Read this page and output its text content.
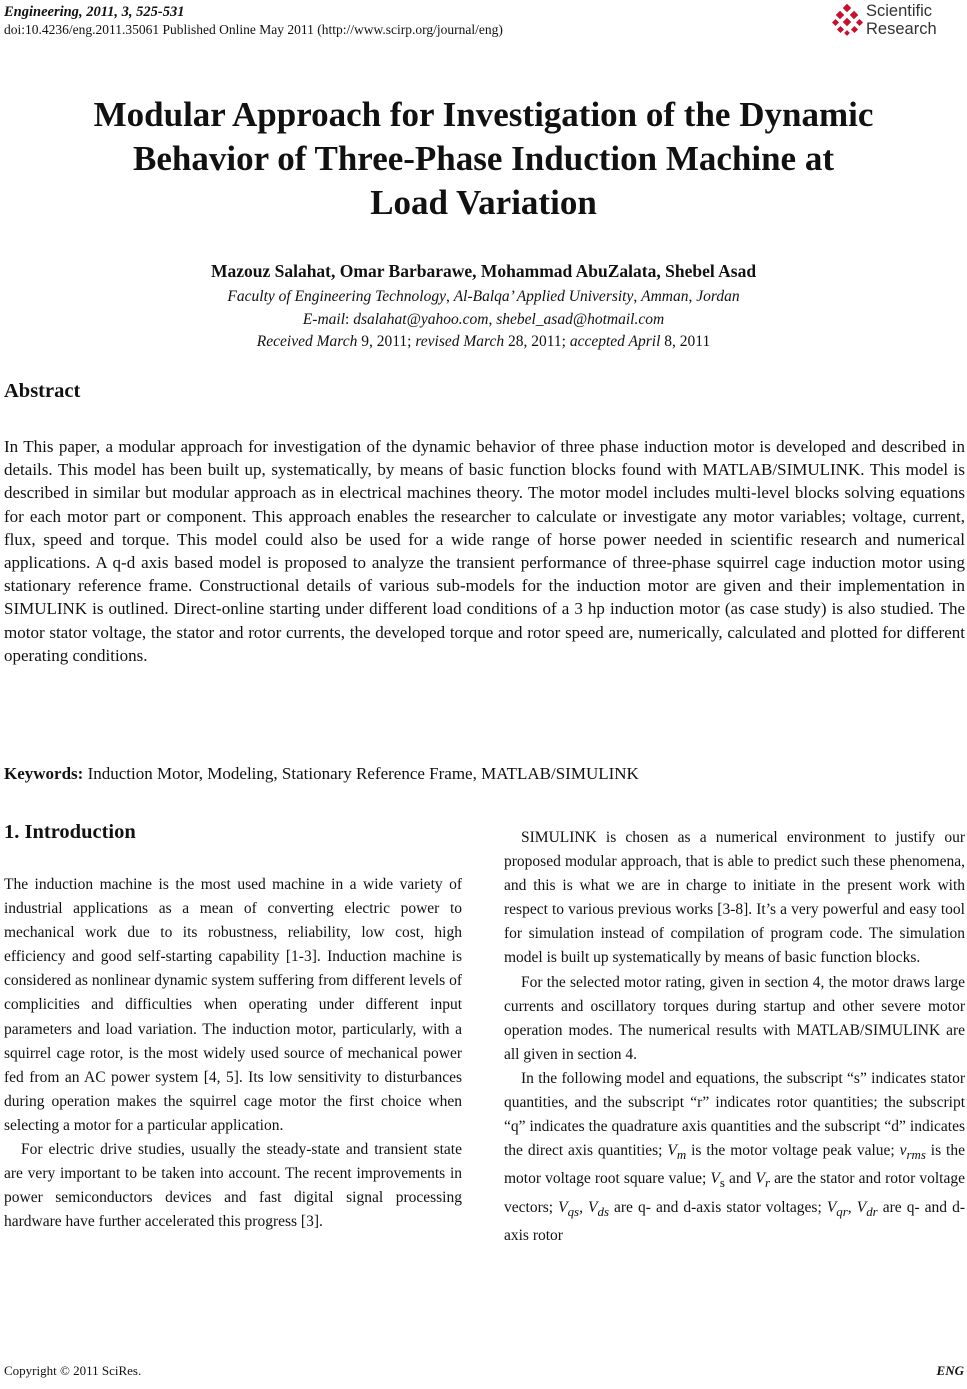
Engineering, 2011, 3, 525-531
doi:10.4236/eng.2011.35061 Published Online May 2011 (http://www.scirp.org/journal/eng)
Scientific
Research
Modular Approach for Investigation of the Dynamic
Behavior of Three-Phase Induction Machine at
Load Variation
Mazouz Salahat, Omar Barbarawe, Mohammad AbuZalata, Shebel Asad
Faculty of Engineering Technology, Al-Balqa’ Applied University, Amman, Jordan
E-mail: dsalahat@yahoo.com, shebel_asad@hotmail.com
Received March 9, 2011; revised March 28, 2011; accepted April 8, 2011
Abstract
In This paper, a modular approach for investigation of the dynamic behavior of three phase induction motor is developed and described in details. This model has been built up, systematically, by means of basic function blocks found with MATLAB/SIMULINK. This model is described in similar but modular approach as in electrical machines theory. The motor model includes multi-level blocks solving equations for each motor part or component. This approach enables the researcher to calculate or investigate any motor variables; voltage, current, flux, speed and torque. This model could also be used for a wide range of horse power needed in scientific research and numerical applications. A q-d axis based model is proposed to analyze the transient performance of three-phase squirrel cage induction motor using stationary reference frame. Constructional details of various sub-models for the induction motor are given and their implementation in SIMULINK is outlined. Direct-online starting under different load conditions of a 3 hp induction motor (as case study) is also studied. The motor stator voltage, the stator and rotor currents, the developed torque and rotor speed are, numerically, calculated and plotted for different operating conditions.
Keywords: Induction Motor, Modeling, Stationary Reference Frame, MATLAB/SIMULINK
1. Introduction

The induction machine is the most used machine in a wide variety of industrial applications as a mean of converting electric power to mechanical work due to its robustness, reliability, low cost, high efficiency and good self-starting capability [1-3]. Induction machine is considered as nonlinear dynamic system suffering from different levels of complicities and difficulties when operating under different input parameters and load variation. The induction motor, particularly, with a squirrel cage rotor, is the most widely used source of mechanical power fed from an AC power system [4, 5]. Its low sensitivity to disturbances during operation makes the squirrel cage motor the first choice when selecting a motor for a particular application.

For electric drive studies, usually the steady-state and transient state are very important to be taken into account. The recent improvements in power semiconductors devices and fast digital signal processing hardware have further accelerated this progress [3].

SIMULINK is chosen as a numerical environment to justify our proposed modular approach, that is able to predict such these phenomena, and this is what we are in charge to initiate in the present work with respect to various previous works [3-8]. It’s a very powerful and easy tool for simulation instead of compilation of program code. The simulation model is built up systematically by means of basic function blocks.

For the selected motor rating, given in section 4, the motor draws large currents and oscillatory torques during startup and other severe motor operation modes. The numerical results with MATLAB/SIMULINK are all given in section 4.

In the following model and equations, the subscript “s” indicates stator quantities, and the subscript “r” indicates rotor quantities; the subscript “q” indicates the quadrature axis quantities and the subscript “d” indicates the direct axis quantities; $V_m$ is the motor voltage peak value; $v_{rms}$ is the motor voltage root square value; $V_s$ and $V_r$ are the stator and rotor voltage vectors; $V_{qs}$, $V_{ds}$ are q- and d-axis stator voltages; $V_{qr}$, $V_{dr}$ are q- and d-axis rotor

Copyright © 2011 SciRes.	ENG
